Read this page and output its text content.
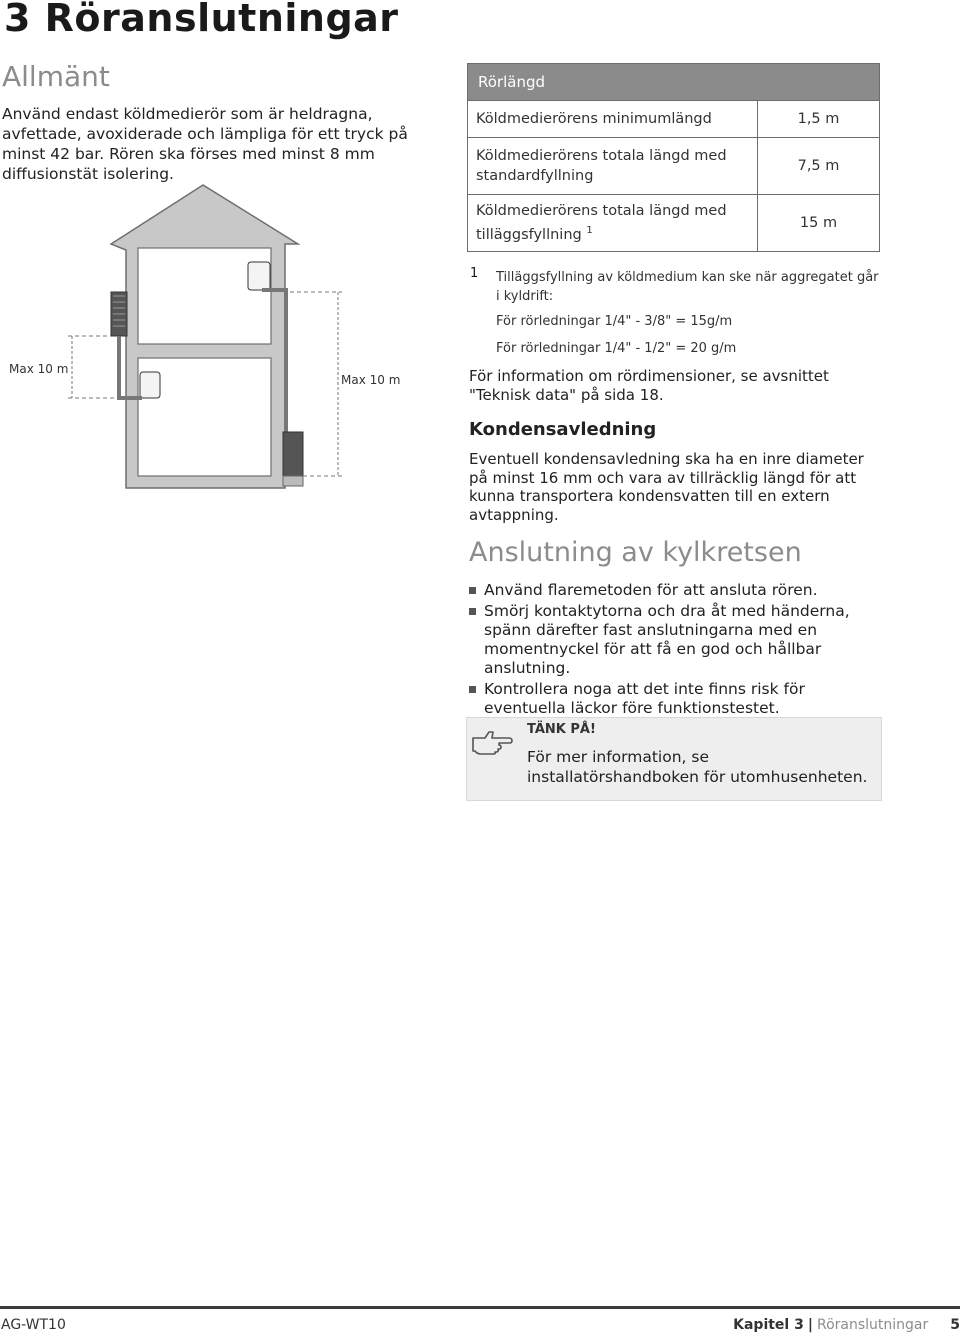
3 Röranslutningar
Allmänt
Använd endast köldmedierör som är heldragna, avfettade, avoxiderade och lämpliga för ett tryck på minst 42 bar. Rören ska förses med minst 8 mm diffusionstät isolering.
Rörlängd	
Köldmedierörens minimumlängd	1,5 m
Köldmedierörens totala längd med standardfyllning	7,5 m
Köldmedierörens totala längd med tilläggsfyllning $^1$	15 m
1 Tilläggsfyllning av köldmedium kan ske när aggregatet går i kyldrift:
För rörledningar 1/4" - 3/8" = 15g/m
För rörledningar 1/4" - 1/2" = 20 g/m
För information om rördimensioner, se avsnittet "Teknisk data" på sida 18.
Max 10 m
Max 10 m
Kondensavledning
Eventuell kondensavledning ska ha en inre diameter på minst 16 mm och vara av tillräcklig längd för att kunna transportera kondensvatten till en extern avtappning.
Anslutning av kylkretsen
Använd flaremetoden för att ansluta rören.
Smörj kontaktytorna och dra åt med händerna, spänn därefter fast anslutningarna med en momentnyckel för att få en god och hållbar anslutning.
Kontrollera noga att det inte finns risk för eventuella läckor före funktionstestet.
TÄNK PÅ!
För mer information, se installatörshandboken för utomhusenheten.
AG-WT10	Kapitel 3 | Röranslutningar 5
